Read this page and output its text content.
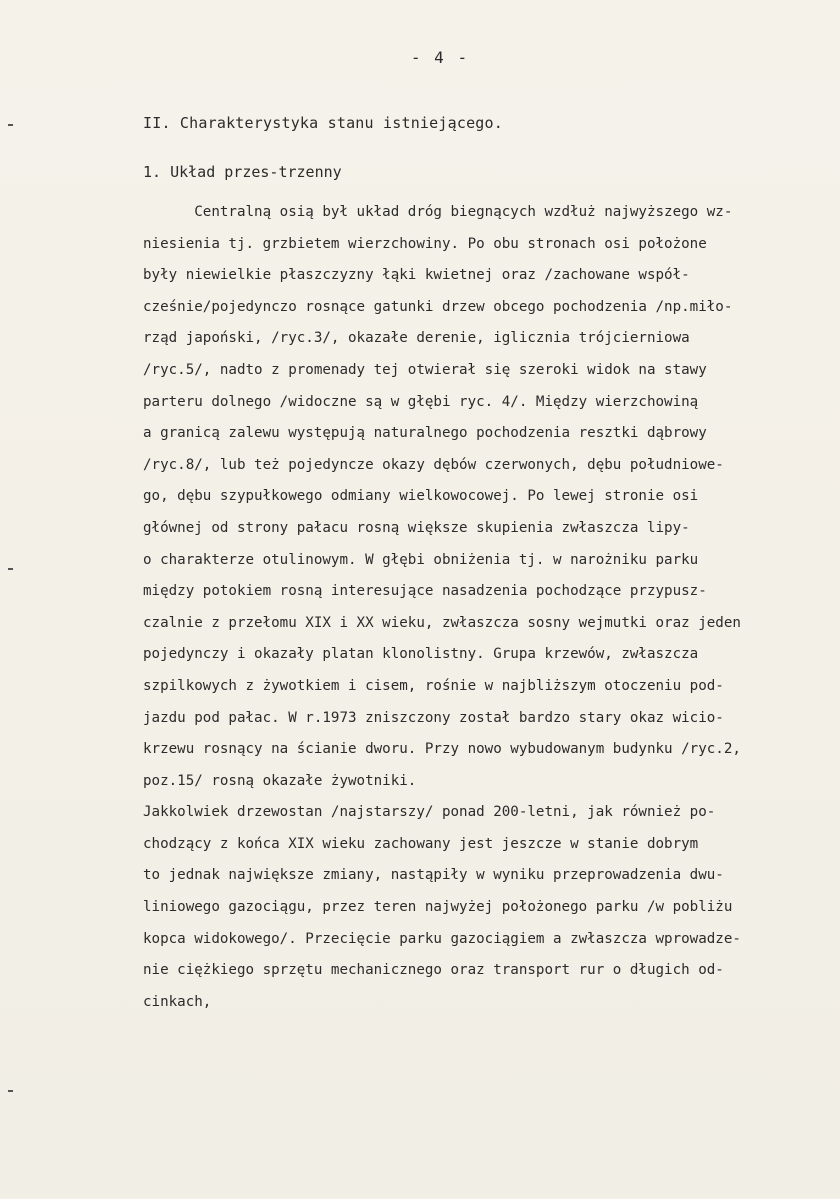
- 4 -
II. Charakterystyka stanu istniejącego.
1. Układ przes-trzenny
Centralną osią był układ dróg biegnących wzdłuż najwyższego wz-
niesienia tj. grzbietem wierzchowiny. Po obu stronach osi położone
były niewielkie płaszczyzny łąki kwietnej oraz /zachowane współ-
cześnie/pojedynczo rosnące gatunki drzew obcego pochodzenia /np.miło-
rząd japoński, /ryc.3/, okazałe derenie, iglicznia trójcierniowa
/ryc.5/, nadto z promenady tej otwierał się szeroki widok na stawy
parteru dolnego /widoczne są w głębi ryc. 4/. Między wierzchowiną
a granicą zalewu występują naturalnego pochodzenia resztki dąbrowy
/ryc.8/, lub też pojedyncze okazy dębów czerwonych, dębu południowe-
go, dębu szypułkowego odmiany wielkowocowej. Po lewej stronie osi
głównej od strony pałacu rosną większe skupienia zwłaszcza lipy-
o charakterze otulinowym. W głębi obniżenia tj. w narożniku parku
między potokiem rosną interesujące nasadzenia pochodzące przypusz-
czalnie z przełomu XIX i XX wieku, zwłaszcza sosny wejmutki oraz jeden
pojedynczy i okazały platan klonolistny. Grupa krzewów, zwłaszcza
szpilkowych z żywotkiem i cisem, rośnie w najbliższym otoczeniu pod-
jazdu pod pałac. W r.1973 zniszczony został bardzo stary okaz wicio-
krzewu rosnący na ścianie dworu. Przy nowo wybudowanym budynku /ryc.2,
poz.15/ rosną okazałe żywotniki.
Jakkolwiek drzewostan /najstarszy/ ponad 200-letni, jak również po-
chodzący z końca XIX wieku zachowany jest jeszcze w stanie dobrym
to jednak największe zmiany, nastąpiły w wyniku przeprowadzenia dwu-
liniowego gazociągu, przez teren najwyżej położonego parku /w pobliżu
kopca widokowego/. Przecięcie parku gazociągiem a zwłaszcza wprowadze-
nie ciężkiego sprzętu mechanicznego oraz transport rur o długich od-
cinkach,
